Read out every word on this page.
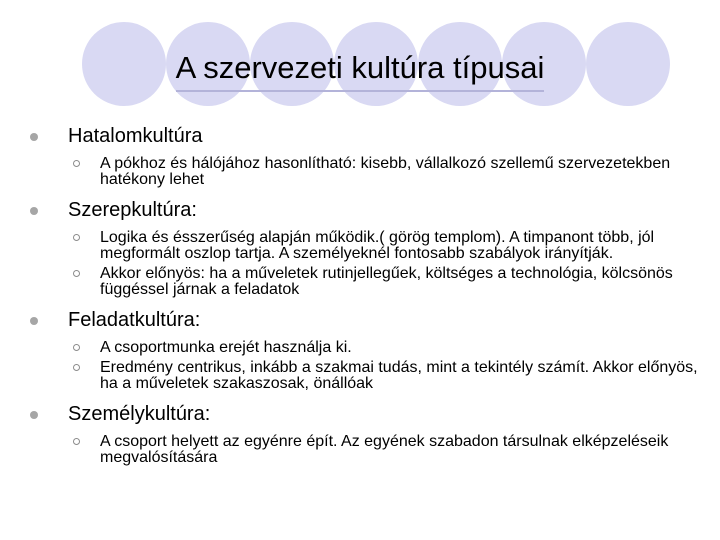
A szervezeti kultúra típusai
Hatalomkultúra
A pókhoz és hálójához hasonlítható: kisebb, vállalkozó szellemű szervezetekben hatékony lehet
Szerepkultúra:
Logika és ésszerűség alapján működik.( görög templom). A timpanont több, jól megformált oszlop tartja. A személyeknél fontosabb szabályok irányítják.
Akkor előnyös: ha a műveletek rutinjellegűek, költséges a technológia, kölcsönös függéssel járnak a feladatok
Feladatkultúra:
A csoportmunka erejét használja ki.
Eredmény centrikus, inkább a szakmai tudás, mint a tekintély számít. Akkor előnyös, ha a műveletek szakaszosak, önállóak
Személykultúra:
A csoport helyett az egyénre épít. Az egyének szabadon társulnak elképzeléseik megvalósítására
